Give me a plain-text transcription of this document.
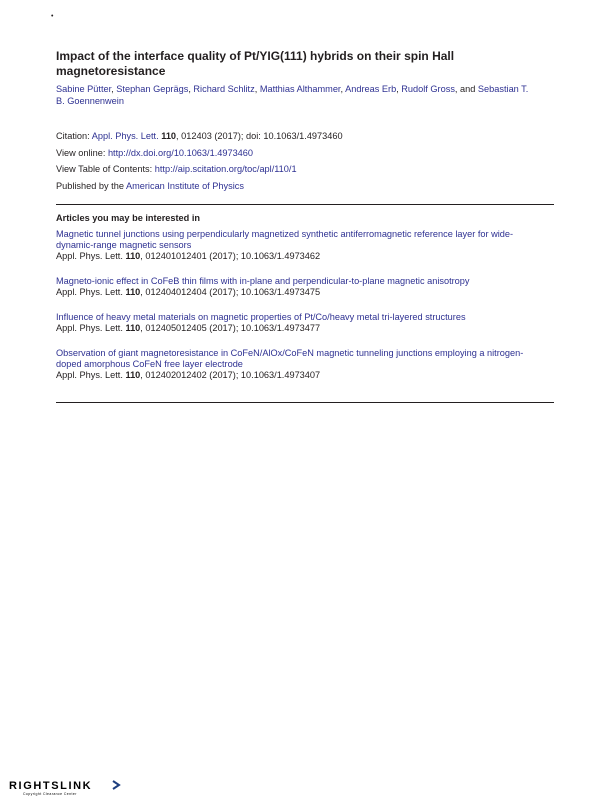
•
Impact of the interface quality of Pt/YIG(111) hybrids on their spin Hall magnetoresistance
Sabine Pütter, Stephan Geprägs, Richard Schlitz, Matthias Althammer, Andreas Erb, Rudolf Gross, and Sebastian T. B. Goennenwein
Citation: Appl. Phys. Lett. 110, 012403 (2017); doi: 10.1063/1.4973460
View online: http://dx.doi.org/10.1063/1.4973460
View Table of Contents: http://aip.scitation.org/toc/apl/110/1
Published by the American Institute of Physics
Articles you may be interested in
Magnetic tunnel junctions using perpendicularly magnetized synthetic antiferromagnetic reference layer for wide-dynamic-range magnetic sensors
Appl. Phys. Lett. 110, 012401012401 (2017); 10.1063/1.4973462
Magneto-ionic effect in CoFeB thin films with in-plane and perpendicular-to-plane magnetic anisotropy
Appl. Phys. Lett. 110, 012404012404 (2017); 10.1063/1.4973475
Influence of heavy metal materials on magnetic properties of Pt/Co/heavy metal tri-layered structures
Appl. Phys. Lett. 110, 012405012405 (2017); 10.1063/1.4973477
Observation of giant magnetoresistance in CoFeN/AlOx/CoFeN magnetic tunneling junctions employing a nitrogen-doped amorphous CoFeN free layer electrode
Appl. Phys. Lett. 110, 012402012402 (2017); 10.1063/1.4973407
RIGHTSLINK
Copyright Clearance Center
